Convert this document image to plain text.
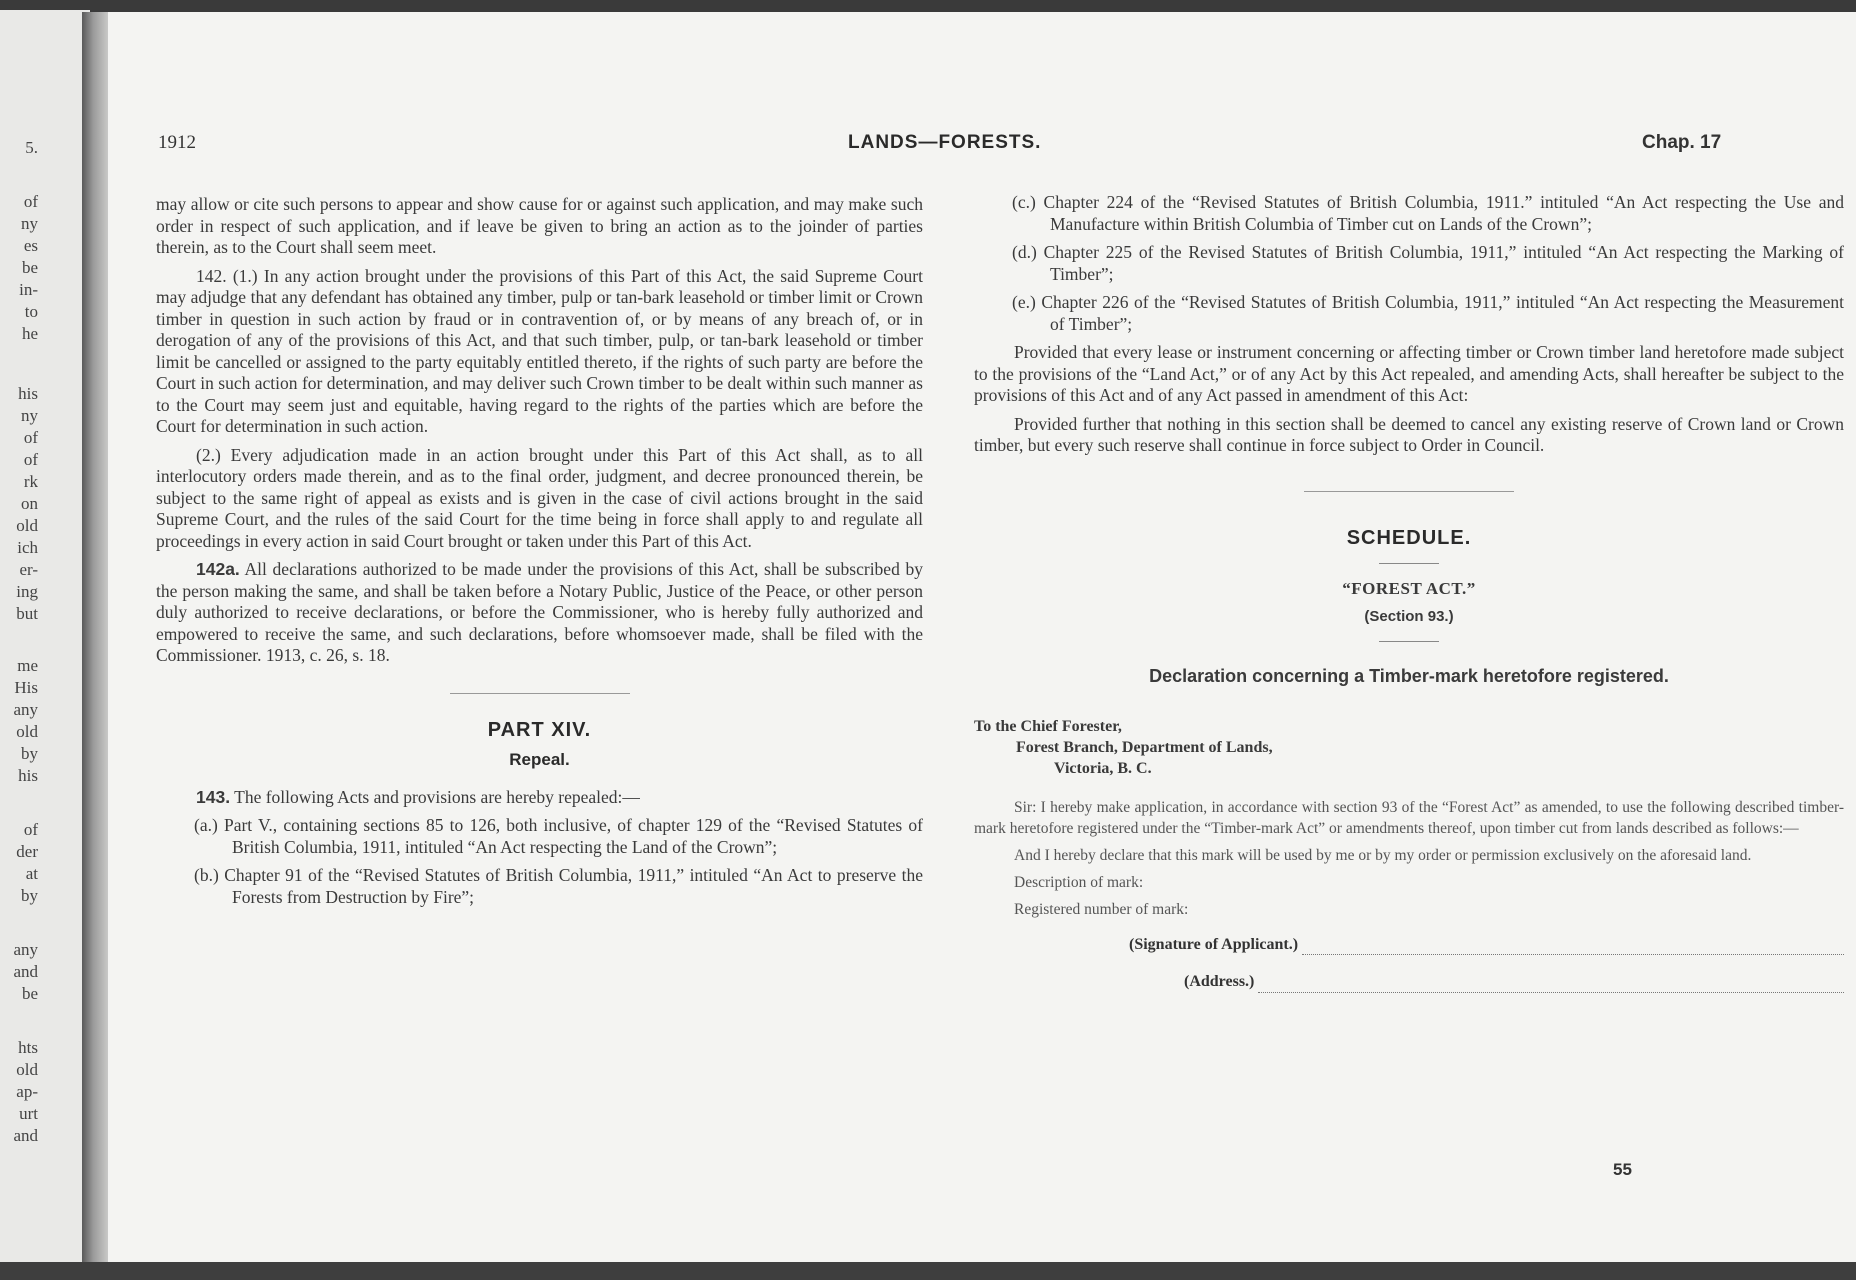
5.
of
ny
es
be
in-
to
he
his
ny
of
of
rk
on
old
ich
er-
ing
but
me
His
any
old
by
his
of
der
at
by
any
and
be
hts
old
ap-
urt
and
1912	LANDS—FORESTS.	Chap. 17

may allow or cite such persons to appear and show cause for or against such application, and may make such order in respect of such application, and if leave be given to bring an action as to the joinder of parties therein, as to the Court shall seem meet.

142. (1.) In any action brought under the provisions of this Part of this Act, the said Supreme Court may adjudge that any defendant has obtained any timber, pulp or tan-bark leasehold or timber limit or Crown timber in question in such action by fraud or in contravention of, or by means of any breach of, or in derogation of any of the provisions of this Act, and that such timber, pulp, or tan-bark leasehold or timber limit be cancelled or assigned to the party equitably entitled thereto, if the rights of such party are before the Court in such action for determination, and may deliver such Crown timber to be dealt within such manner as to the Court may seem just and equitable, having regard to the rights of the parties which are before the Court for determination in such action.

(2.) Every adjudication made in an action brought under this Part of this Act shall, as to all interlocutory orders made therein, and as to the final order, judgment, and decree pronounced therein, be subject to the same right of appeal as exists and is given in the case of civil actions brought in the said Supreme Court, and the rules of the said Court for the time being in force shall apply to and regulate all proceedings in every action in said Court brought or taken under this Part of this Act.

142a. All declarations authorized to be made under the provisions of this Act, shall be subscribed by the person making the same, and shall be taken before a Notary Public, Justice of the Peace, or other person duly authorized to receive declarations, or before the Commissioner, who is hereby fully authorized and empowered to receive the same, and such declarations, before whomsoever made, shall be filed with the Commissioner. 1913, c. 26, s. 18.

PART XIV.
Repeal.

143. The following Acts and provisions are hereby repealed:—

(a.) Part V., containing sections 85 to 126, both inclusive, of chapter 129 of the “Revised Statutes of British Columbia, 1911, intituled “An Act respecting the Land of the Crown”;

(b.) Chapter 91 of the “Revised Statutes of British Columbia, 1911,” intituled “An Act to preserve the Forests from Destruction by Fire”;

(c.) Chapter 224 of the “Revised Statutes of British Columbia, 1911.” intituled “An Act respecting the Use and Manufacture within British Columbia of Timber cut on Lands of the Crown”;

(d.) Chapter 225 of the Revised Statutes of British Columbia, 1911,” intituled “An Act respecting the Marking of Timber”;

(e.) Chapter 226 of the “Revised Statutes of British Columbia, 1911,” intituled “An Act respecting the Measurement of Timber”;

Provided that every lease or instrument concerning or affecting timber or Crown timber land heretofore made subject to the provisions of the “Land Act,” or of any Act by this Act repealed, and amending Acts, shall hereafter be subject to the provisions of this Act and of any Act passed in amendment of this Act:

Provided further that nothing in this section shall be deemed to cancel any existing reserve of Crown land or Crown timber, but every such reserve shall continue in force subject to Order in Council.

SCHEDULE.
“FOREST ACT.”
(Section 93.)
Declaration concerning a Timber-mark heretofore registered.
To the Chief Forester,
Forest Branch, Department of Lands,
Victoria, B. C.

Sir: I hereby make application, in accordance with section 93 of the “Forest Act” as amended, to use the following described timber-mark heretofore registered under the “Timber-mark Act” or amendments thereof, upon timber cut from lands described as follows:—

And I hereby declare that this mark will be used by me or by my order or permission exclusively on the aforesaid land.

Description of mark:

Registered number of mark:

(Signature of Applicant.)
(Address.)
55
